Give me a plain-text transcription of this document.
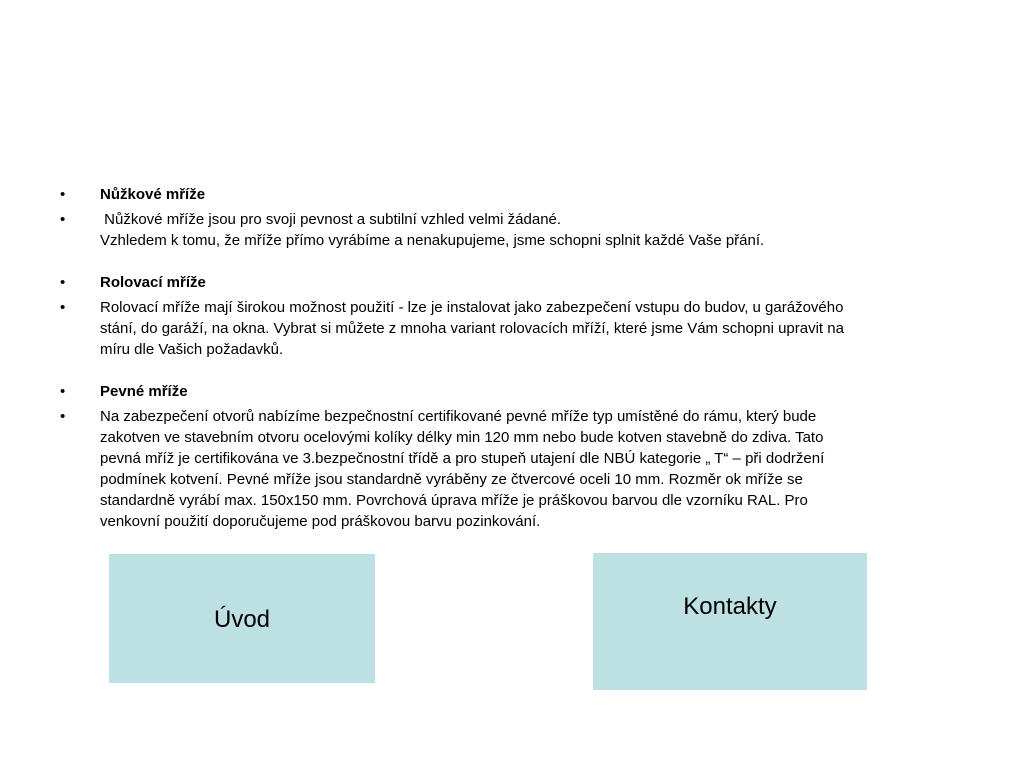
•	Nůžkové mříže
•	Nůžkové mříže jsou pro svoji pevnost a subtilní vzhled velmi žádané.
Vzhledem k tomu, že mříže přímo vyrábíme a nenakupujeme, jsme schopni splnit každé Vaše přání.
•	Rolovací mříže
•	Rolovací mříže mají širokou možnost použití - lze je instalovat jako zabezpečení vstupu do budov, u garážového
stání, do garáží, na okna. Vybrat si můžete z mnoha variant rolovacích mříží, které jsme Vám schopni upravit na
míru dle Vašich požadavků.
•	Pevné mříže
•	Na zabezpečení otvorů nabízíme bezpečnostní certifikované pevné mříže typ umístěné do rámu, který bude
zakotven ve stavebním otvoru ocelovými kolíky délky min 120 mm nebo bude kotven stavebně do zdiva. Tato
pevná mříž je certifikována ve 3.bezpečnostní třídě a pro stupeň utajení dle NBÚ kategorie „ T“ – při dodržení
podmínek kotvení. Pevné mříže jsou standardně vyráběny ze čtvercové oceli 10 mm. Rozměr ok mříže se
standardně vyrábí max. 150x150 mm. Povrchová úprava mříže je práškovou barvou dle vzorníku RAL. Pro
venkovní použití doporučujeme pod práškovou barvu pozinkování.
Úvod	Kontakty
